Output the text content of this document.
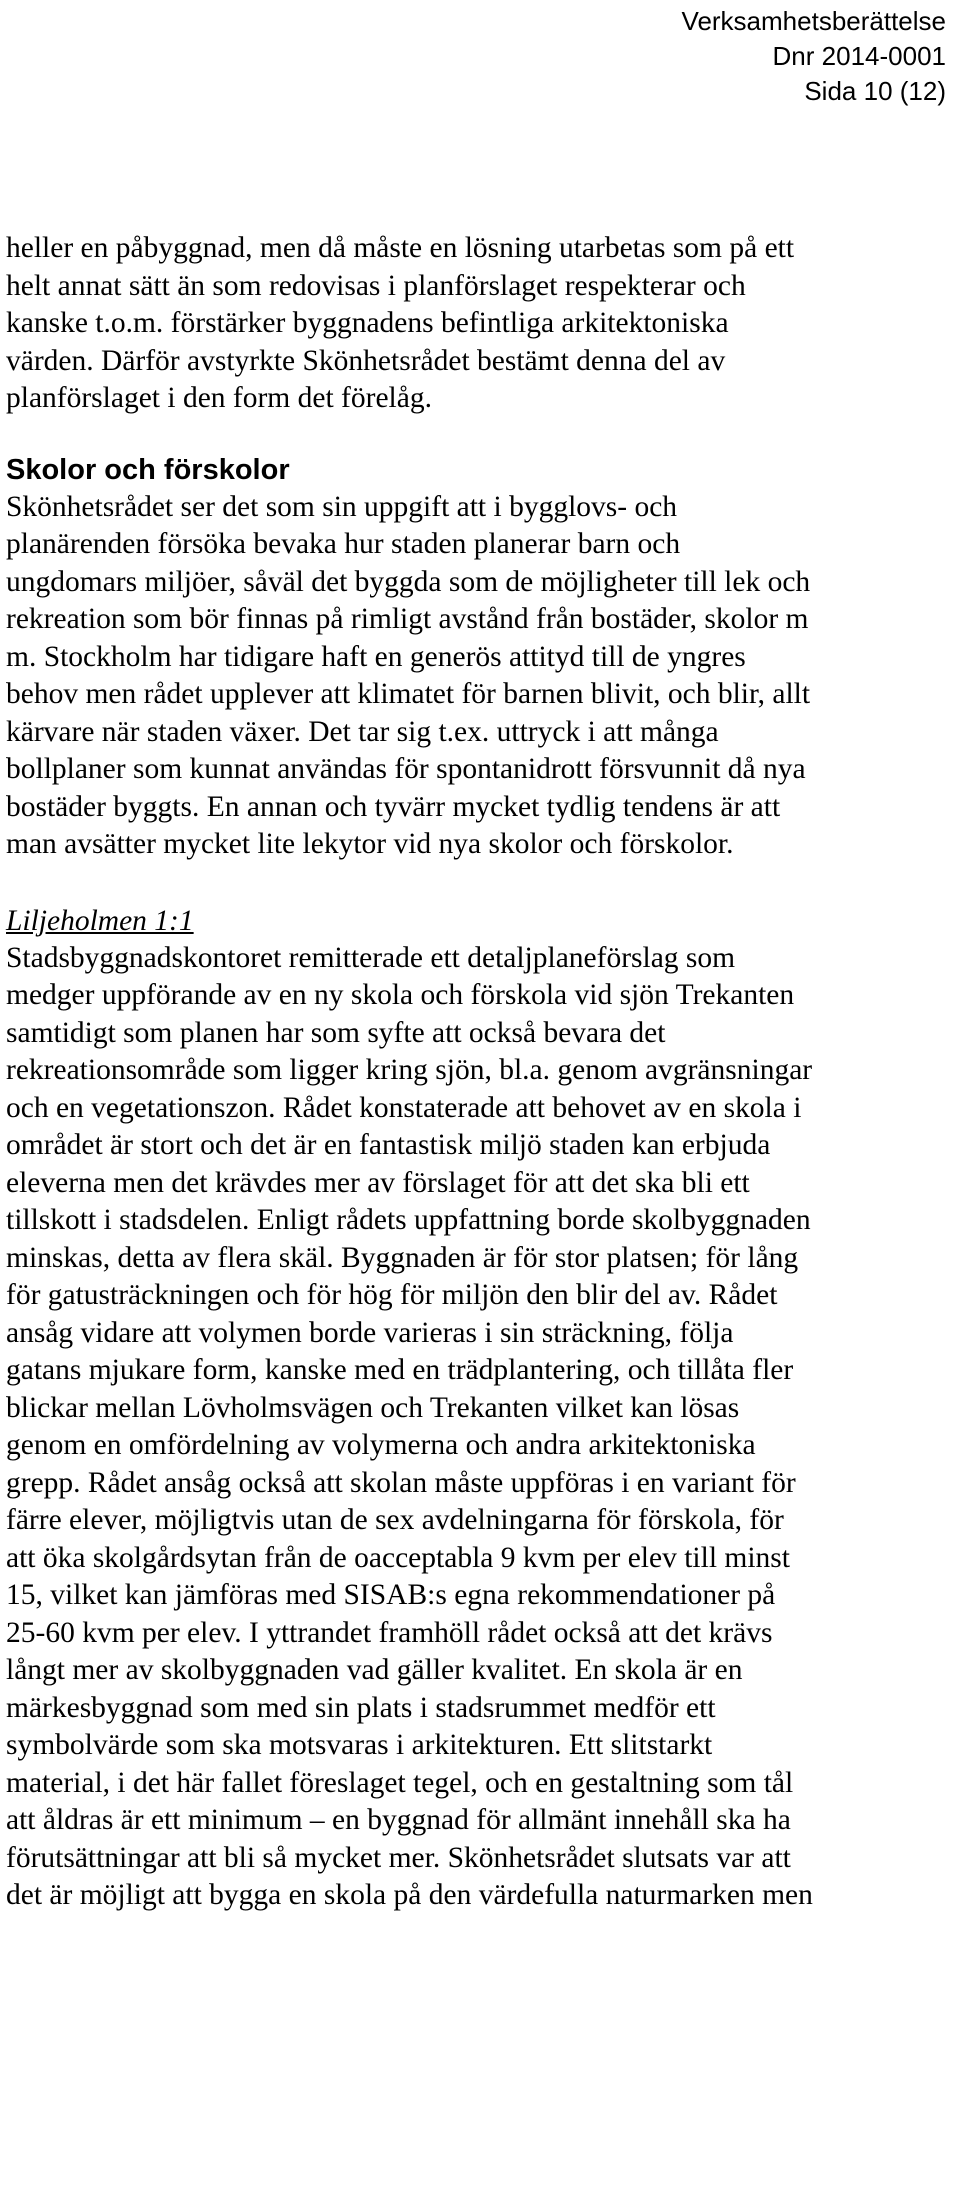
Verksamhetsberättelse
Dnr 2014-0001
Sida 10 (12)

heller en påbyggnad, men då måste en lösning utarbetas som på ett
helt annat sätt än som redovisas i planförslaget respekterar och
kanske t.o.m. förstärker byggnadens befintliga arkitektoniska
värden. Därför avstyrkte Skönhetsrådet bestämt denna del av
planförslaget i den form det förelåg.

Skolor och förskolor

Skönhetsrådet ser det som sin uppgift att i bygglovs- och
planärenden försöka bevaka hur staden planerar barn och
ungdomars miljöer, såväl det byggda som de möjligheter till lek och
rekreation som bör finnas på rimligt avstånd från bostäder, skolor m
m. Stockholm har tidigare haft en generös attityd till de yngres
behov men rådet upplever att klimatet för barnen blivit, och blir, allt
kärvare när staden växer. Det tar sig t.ex. uttryck i att många
bollplaner som kunnat användas för spontanidrott försvunnit då nya
bostäder byggts. En annan och tyvärr mycket tydlig tendens är att
man avsätter mycket lite lekytor vid nya skolor och förskolor.

Liljeholmen 1:1

Stadsbyggnadskontoret remitterade ett detaljplaneförslag som
medger uppförande av en ny skola och förskola vid sjön Trekanten
samtidigt som planen har som syfte att också bevara det
rekreationsområde som ligger kring sjön, bl.a. genom avgränsningar
och en vegetationszon. Rådet konstaterade att behovet av en skola i
området är stort och det är en fantastisk miljö staden kan erbjuda
eleverna men det krävdes mer av förslaget för att det ska bli ett
tillskott i stadsdelen. Enligt rådets uppfattning borde skolbyggnaden
minskas, detta av flera skäl. Byggnaden är för stor platsen; för lång
för gatusträckningen och för hög för miljön den blir del av. Rådet
ansåg vidare att volymen borde varieras i sin sträckning, följa
gatans mjukare form, kanske med en trädplantering, och tillåta fler
blickar mellan Lövholmsvägen och Trekanten vilket kan lösas
genom en omfördelning av volymerna och andra arkitektoniska
grepp. Rådet ansåg också att skolan måste uppföras i en variant för
färre elever, möjligtvis utan de sex avdelningarna för förskola, för
att öka skolgårdsytan från de oacceptabla 9 kvm per elev till minst
15, vilket kan jämföras med SISAB:s egna rekommendationer på
25-60 kvm per elev. I yttrandet framhöll rådet också att det krävs
långt mer av skolbyggnaden vad gäller kvalitet. En skola är en
märkesbyggnad som med sin plats i stadsrummet medför ett
symbolvärde som ska motsvaras i arkitekturen. Ett slitstarkt
material, i det här fallet föreslaget tegel, och en gestaltning som tål
att åldras är ett minimum – en byggnad för allmänt innehåll ska ha
förutsättningar att bli så mycket mer. Skönhetsrådet slutsats var att
det är möjligt att bygga en skola på den värdefulla naturmarken men
